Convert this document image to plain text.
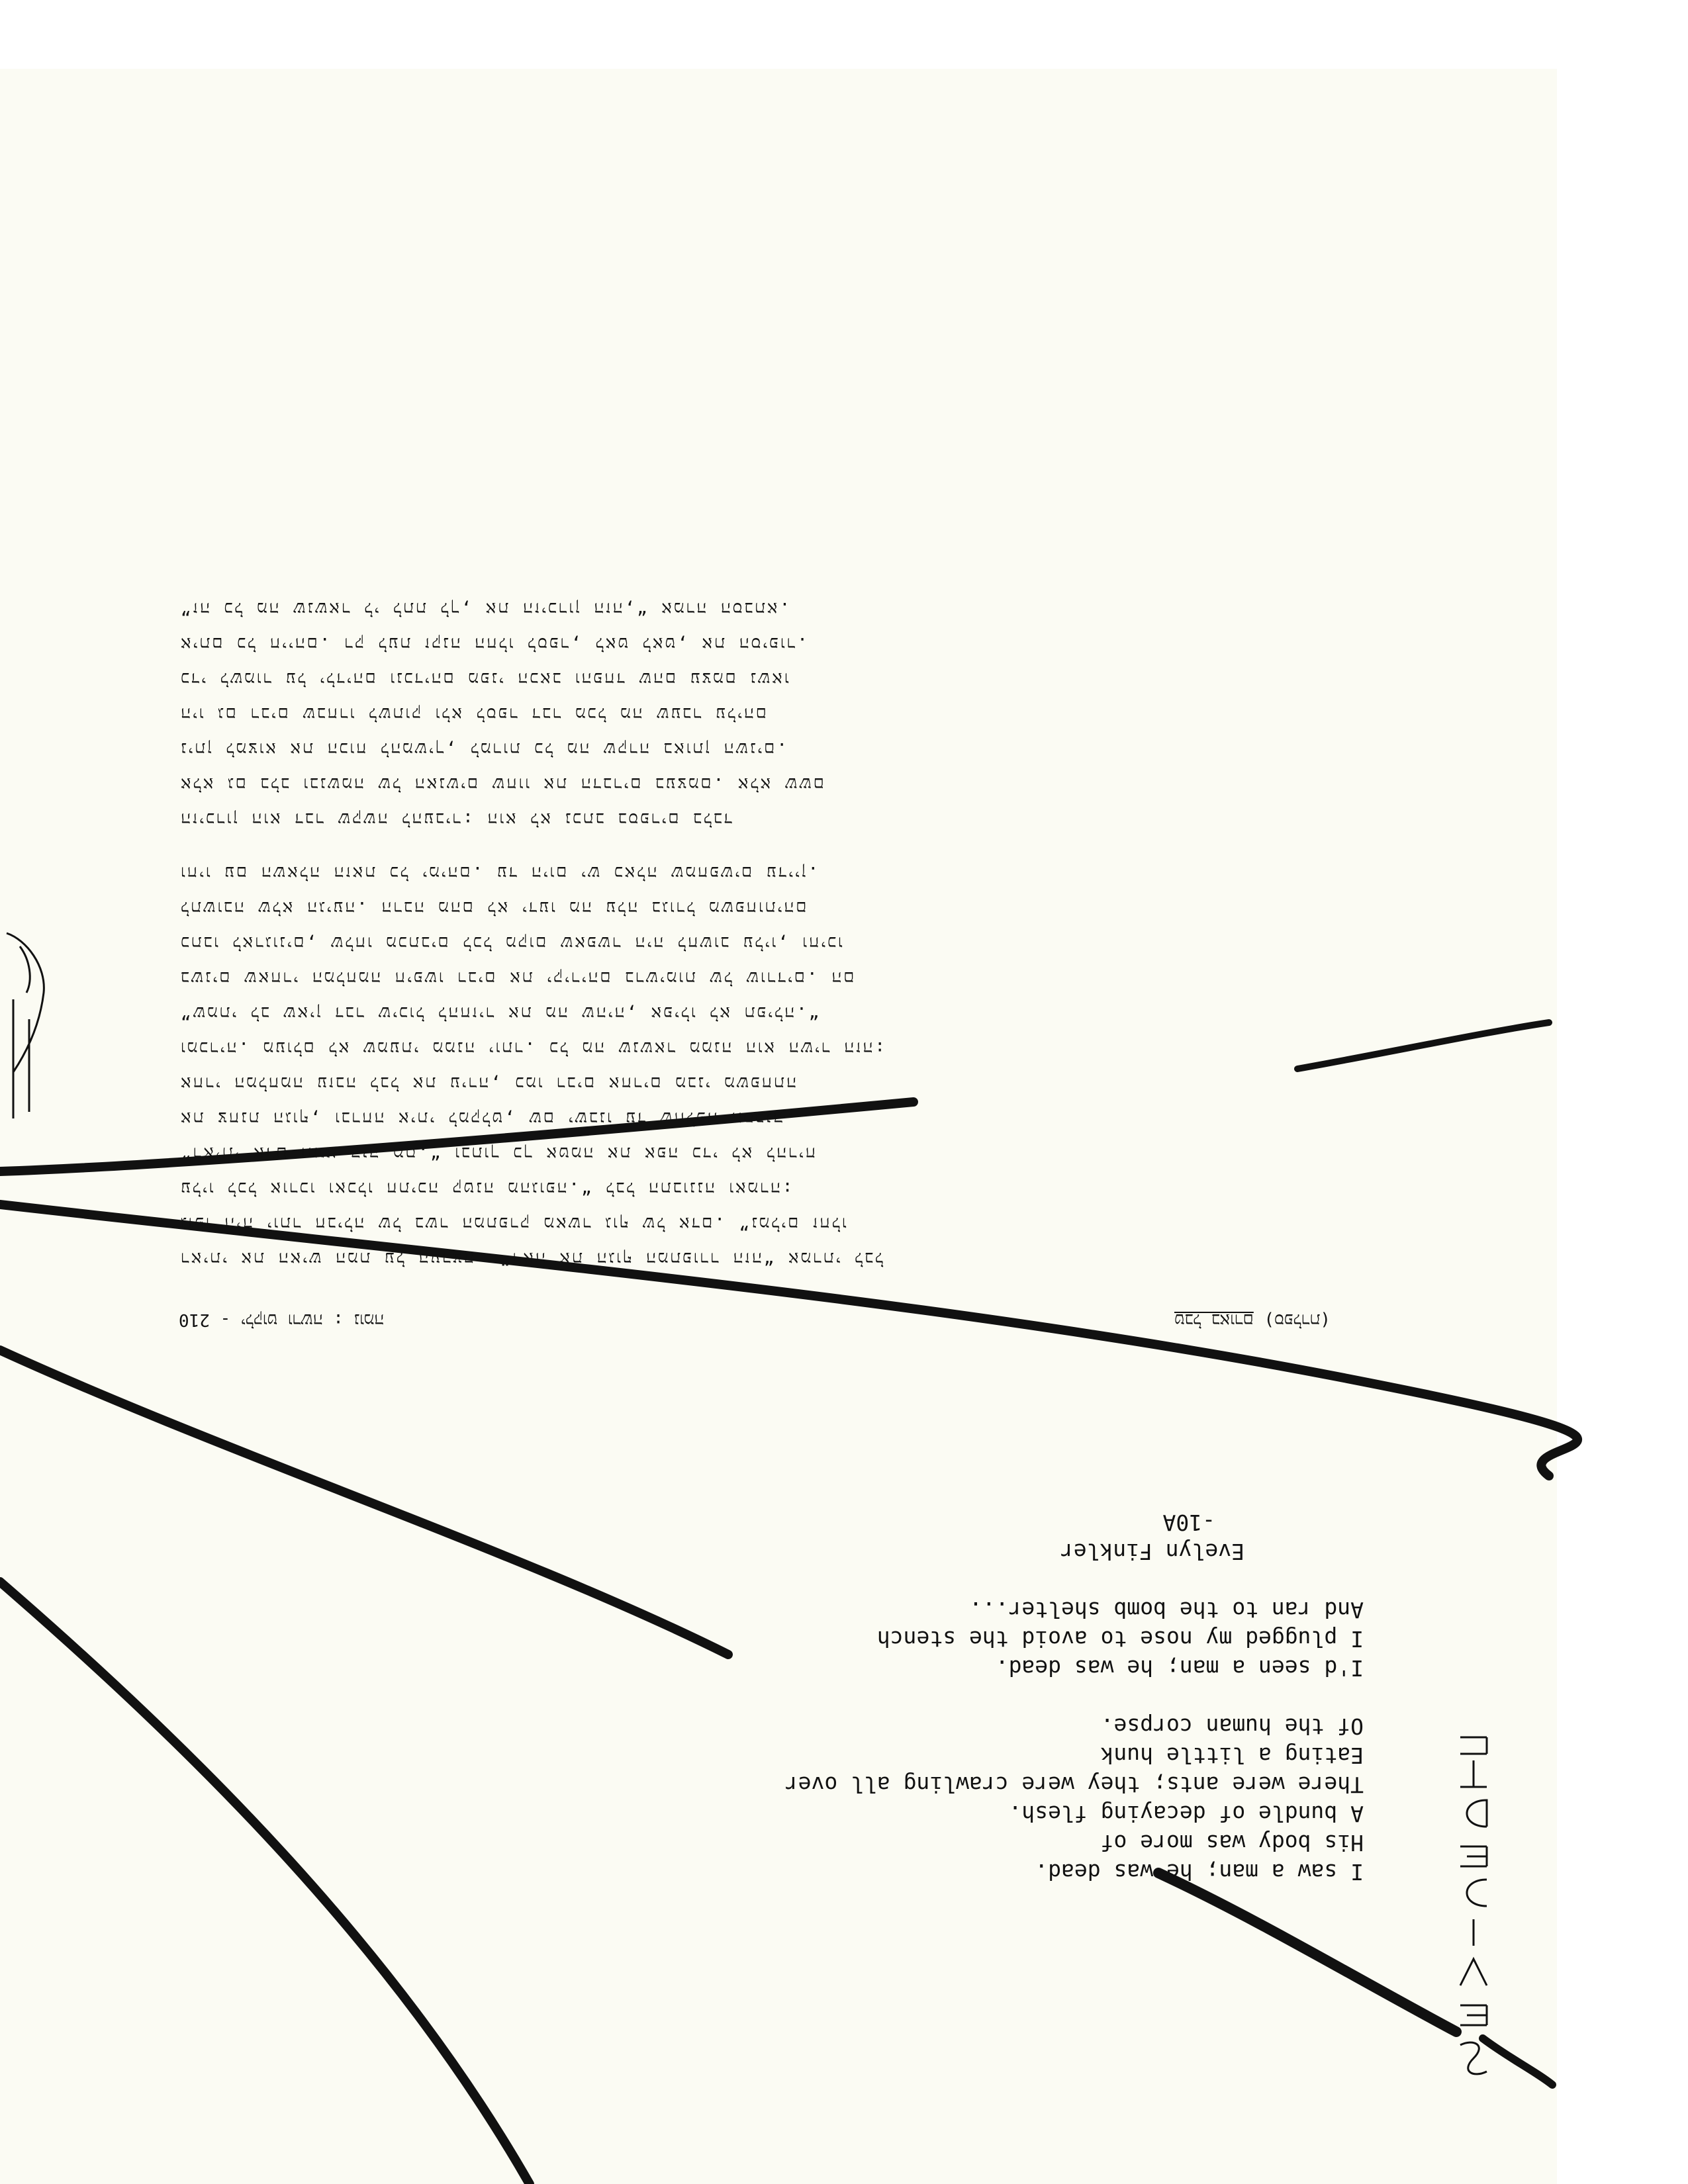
210 - ילקוט ורשה : נומה	טבל באורם (ספלרת)
ראיתי את האיש המת על הערצה. ”ראה את הגוף המתפורר הזה“ אמרתי לבל
גופו היה יותר חבילה של בשר המתפרק מאשר גוף של אדם. ”נמלים זחלו
עליו לכל אורכו ואכלו חתיכה קטנה מהגופה.“ לבל התבוננה ואמרה:
”ראיתי אדם והוא היה מת.“ ובתוך כך אטמה את אפה כדי לא להריח
את צחנת הגוף, וברחה איתי למקלט, שם ישבנו עד שחלפה הסכנה.
אחרי המלחמה עזבה לבל את עירה, כמו רבים אחרים מבני משפחתה
ומכריה. מעולם לא שמעתי ממנה יותר. כל מה שנשאר ממנה הוא השיר הזה:
”שמתי לב שאין דבר שיכול להחזיר את מה שהיה, אפילו לא תפילה.“
בשנים שאחרי המלחמה חיפשו רבים את יקיריהם ברשימות של שורדים. הם
כתבו לארגונים, שלחו מכתבים לכל מקום שאפשר היה לחשוב עליו, וחיכו
לתשובה שלא הגיעה. הרבה מהם לא ידעו מה עלה בגורל משפחותיהם
וחיו עם השאלה הזאת כל ימיהם. עד היום יש כאלה שמחפשים עדיין.
הזיכרון הוא דבר שקשה להעביר: הוא לא נכתב בספרים בלבד
אלא גם בלב ובנשמה של האנשים שחוו את הדברים בעצמם. אלא ששם
ניתן למצוא את הכוח להמשיך, למרות כל מה שקרה באותן השנים.
היו גם רבים שבחרו לשתוק ולא לספר דבר מכל מה שעבר עליהם
כדי לשמור על ילדיהם ונכדיהם מפני הכאב והפחד שהם עצמם נשאו
איתם כל חייהם. רק לעת זקנה החלו לספר, לאט לאט, את הסיפור.
”זה כל מה שנשאר לי לתת לך, את הזיכרון הזה,“ אמרה הסבתא.
I saw a man; he was dead.
His body was more of
A bundle of decaying flesh.
There were ants; they were crawling all over
Eating a little hunk
Of the human corpse.
I'd seen a man; he was dead.
I plugged my nose to avoid the stench
And ran to the bomb shelter...
Evelyn Finkler
-10A
